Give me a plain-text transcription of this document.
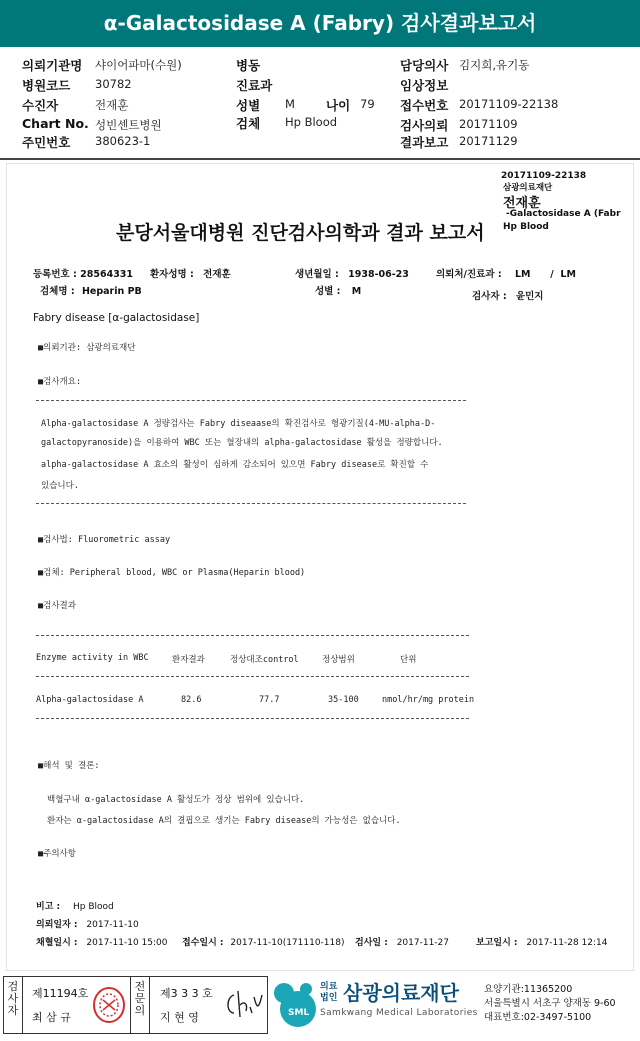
α-Galactosidase A (Fabry) 검사결과보고서
의뢰기관명 샤이어파마(수원)
병원코드 30782
수진자	전재훈
Chart No. 성빈센트병원
주민번호 380623-1
병동
진료과
성별 M 나이 79
검체 Hp Blood
담당의사 김지희,유기동
임상정보
접수번호 20171109-22138
검사의뢰 20171109
결과보고 20171129
20171109-22138
삼광의료재단
전재훈
-Galactosidase A (Fabr
Hp Blood
분당서울대병원 진단검사의학과 결과 보고서
등록번호 : 28564331 환자성명 : 전재훈	생년월일 : 1938-06-23	의뢰처/진료과 : LM      /  LM
검체명 : Heparin PB	성별 : M	검사자 : 윤민지
Fabry disease [α-galactosidase]
■의뢰기관: 삼광의료재단
■검사개요:
Alpha-galactosidase A 정량검사는 Fabry diseaase의 확진검사로 형광기질(4-MU-alpha-D-
galactopyranoside)을 이용하여 WBC 또는 혈장내의 alpha-galactosidase 활성을 정량합니다.
alpha-galactosidase A 효소의 활성이 심하게 감소되어 있으면 Fabry disease로 확진할 수
있습니다.
■검사법: Fluorometric assay
■검체: Peripheral blood, WBC or Plasma(Heparin blood)
■검사결과
Enzyme activity in WBC	환자결과	정상대조control	정상범위	단위
Alpha-galactosidase A	82.6	77.7	35-100	nmol/hr/mg protein
■해석 및 결론:
백혈구내 α-galactosidase A 활성도가 정상 범위에 있습니다.
환자는 α-galactosidase A의 결핍으로 생기는 Fabry disease의 가능성은 없습니다.
■주의사항
비고 : Hp Blood
의뢰일자 : 2017-11-10
채혈일시 : 2017-11-10 15:00 접수일시 : 2017-11-10(171110-118) 검사일 : 2017-11-27	보고일시 : 2017-11-28 12:14
검
사
자
제11194호
최 삼 규
전
문
의
제3 3 3 호
지 현 영	SML
의료
법인 삼광의료재단
Samkwang Medical Laboratories
요양기관:11365200
서울특별시 서초구 양재동 9-60
대표번호:02-3497-5100
